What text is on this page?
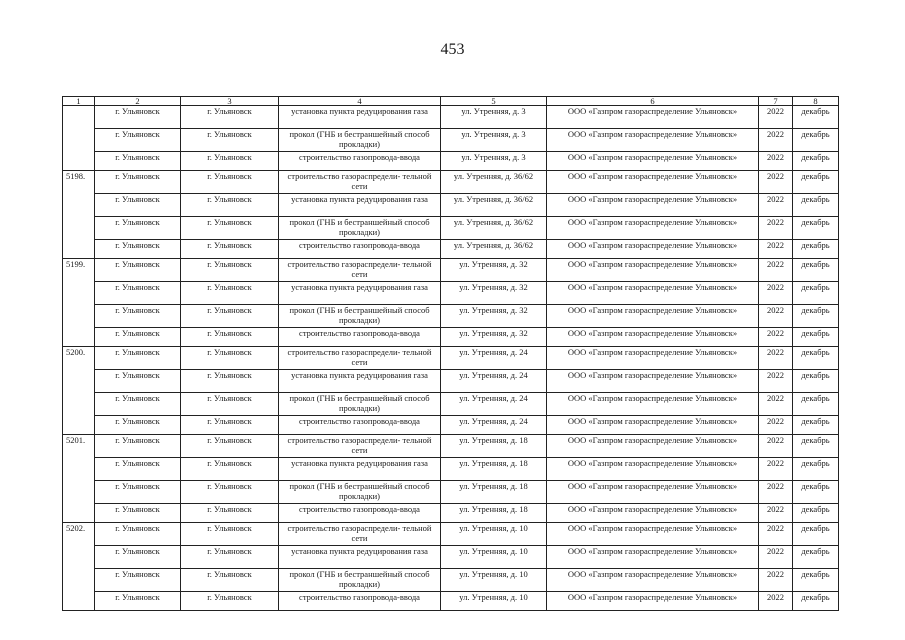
453
1	2	3	4	5	6	7	8
	г. Ульяновск	г. Ульяновск	установка пункта редуцирования газа	ул. Утренняя, д. 3	ООО «Газпром газораспределение Ульяновск»	2022	декабрь
	г. Ульяновск	г. Ульяновск	прокол (ГНБ и бестраншейный способ прокладки)	ул. Утренняя, д. 3	ООО «Газпром газораспределение Ульяновск»	2022	декабрь
	г. Ульяновск	г. Ульяновск	строительство газопровода-ввода	ул. Утренняя, д. 3	ООО «Газпром газораспределение Ульяновск»	2022	декабрь
5198.	г. Ульяновск	г. Ульяновск	строительство газораспредели- тельной сети	ул. Утренняя, д. 36/62	ООО «Газпром газораспределение Ульяновск»	2022	декабрь
	г. Ульяновск	г. Ульяновск	установка пункта редуцирования газа	ул. Утренняя, д. 36/62	ООО «Газпром газораспределение Ульяновск»	2022	декабрь
	г. Ульяновск	г. Ульяновск	прокол (ГНБ и бестраншейный способ прокладки)	ул. Утренняя, д. 36/62	ООО «Газпром газораспределение Ульяновск»	2022	декабрь
	г. Ульяновск	г. Ульяновск	строительство газопровода-ввода	ул. Утренняя, д. 36/62	ООО «Газпром газораспределение Ульяновск»	2022	декабрь
5199.	г. Ульяновск	г. Ульяновск	строительство газораспредели- тельной сети	ул. Утренняя, д. 32	ООО «Газпром газораспределение Ульяновск»	2022	декабрь
	г. Ульяновск	г. Ульяновск	установка пункта редуцирования газа	ул. Утренняя, д. 32	ООО «Газпром газораспределение Ульяновск»	2022	декабрь
	г. Ульяновск	г. Ульяновск	прокол (ГНБ и бестраншейный способ прокладки)	ул. Утренняя, д. 32	ООО «Газпром газораспределение Ульяновск»	2022	декабрь
	г. Ульяновск	г. Ульяновск	строительство газопровода-ввода	ул. Утренняя, д. 32	ООО «Газпром газораспределение Ульяновск»	2022	декабрь
5200.	г. Ульяновск	г. Ульяновск	строительство газораспредели- тельной сети	ул. Утренняя, д. 24	ООО «Газпром газораспределение Ульяновск»	2022	декабрь
	г. Ульяновск	г. Ульяновск	установка пункта редуцирования газа	ул. Утренняя, д. 24	ООО «Газпром газораспределение Ульяновск»	2022	декабрь
	г. Ульяновск	г. Ульяновск	прокол (ГНБ и бестраншейный способ прокладки)	ул. Утренняя, д. 24	ООО «Газпром газораспределение Ульяновск»	2022	декабрь
	г. Ульяновск	г. Ульяновск	строительство газопровода-ввода	ул. Утренняя, д. 24	ООО «Газпром газораспределение Ульяновск»	2022	декабрь
5201.	г. Ульяновск	г. Ульяновск	строительство газораспредели- тельной сети	ул. Утренняя, д. 18	ООО «Газпром газораспределение Ульяновск»	2022	декабрь
	г. Ульяновск	г. Ульяновск	установка пункта редуцирования газа	ул. Утренняя, д. 18	ООО «Газпром газораспределение Ульяновск»	2022	декабрь
	г. Ульяновск	г. Ульяновск	прокол (ГНБ и бестраншейный способ прокладки)	ул. Утренняя, д. 18	ООО «Газпром газораспределение Ульяновск»	2022	декабрь
	г. Ульяновск	г. Ульяновск	строительство газопровода-ввода	ул. Утренняя, д. 18	ООО «Газпром газораспределение Ульяновск»	2022	декабрь
5202.	г. Ульяновск	г. Ульяновск	строительство газораспредели- тельной сети	ул. Утренняя, д. 10	ООО «Газпром газораспределение Ульяновск»	2022	декабрь
	г. Ульяновск	г. Ульяновск	установка пункта редуцирования газа	ул. Утренняя, д. 10	ООО «Газпром газораспределение Ульяновск»	2022	декабрь
	г. Ульяновск	г. Ульяновск	прокол (ГНБ и бестраншейный способ прокладки)	ул. Утренняя, д. 10	ООО «Газпром газораспределение Ульяновск»	2022	декабрь
	г. Ульяновск	г. Ульяновск	строительство газопровода-ввода	ул. Утренняя, д. 10	ООО «Газпром газораспределение Ульяновск»	2022	декабрь
